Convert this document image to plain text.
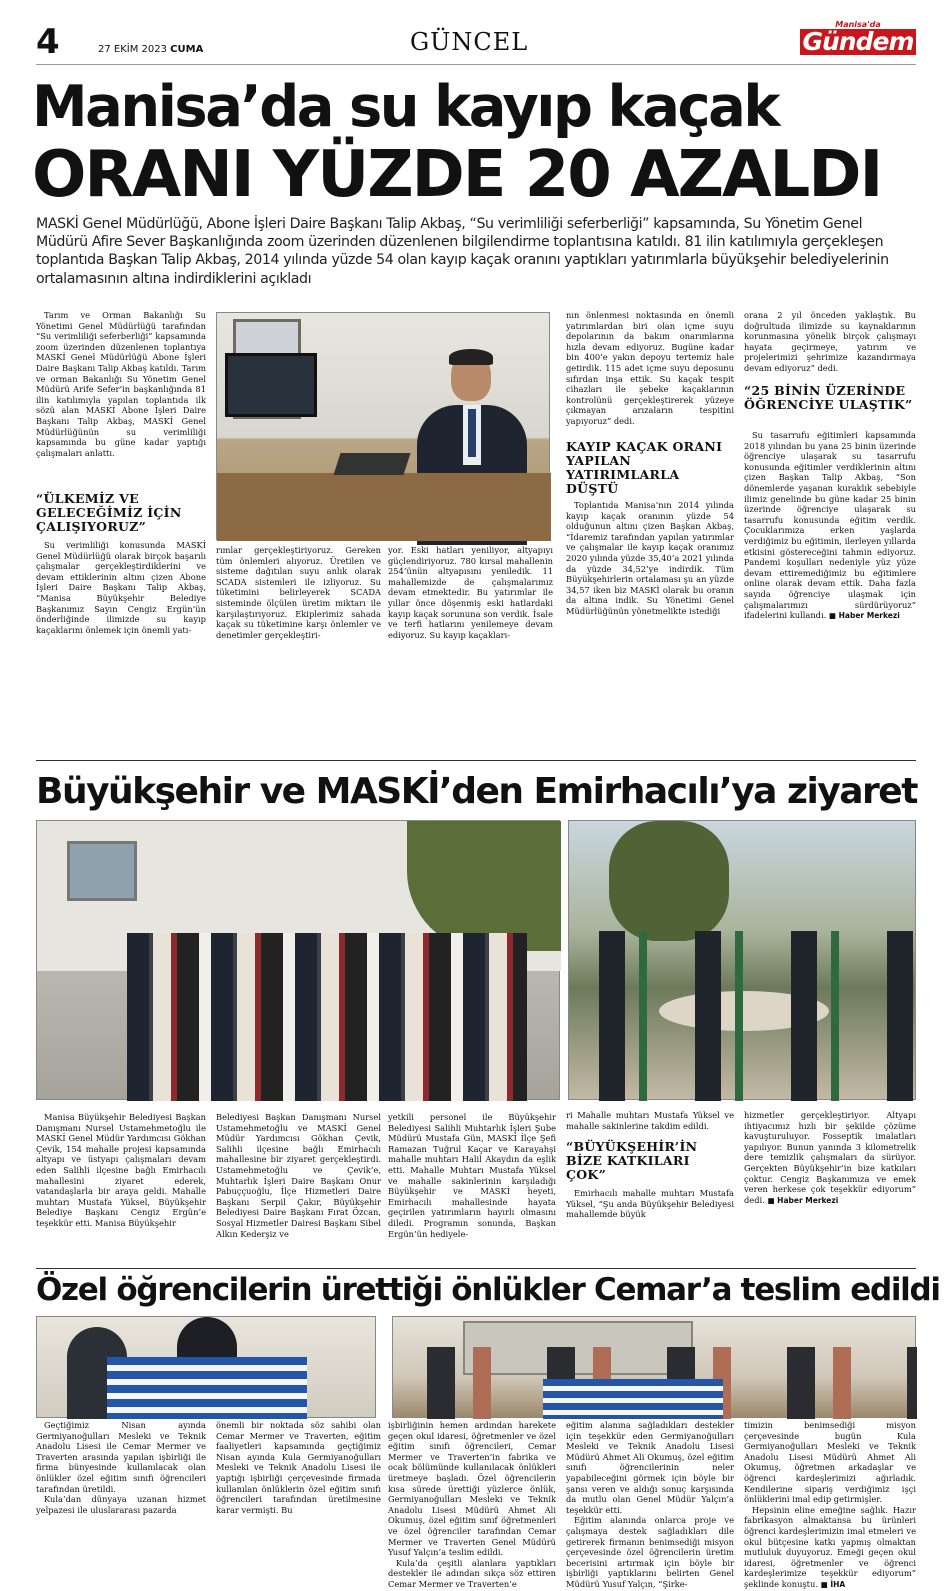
4	27 EKİM 2023 CUMA	GÜNCEL
Manisa'da
Gündem
Manisa’da su kayıp kaçak
ORANI YÜZDE 20 AZALDI
MASKİ Genel Müdürlüğü, Abone İşleri Daire Başkanı Talip Akbaş, “Su verimliliği seferberliği” kapsamında, Su Yönetim Genel Müdürü Afire Sever Başkanlığında zoom üzerinden düzenlenen bilgilendirme toplantısına katıldı. 81 ilin katılımıyla gerçekleşen toplantıda Başkan Talip Akbaş, 2014 yılında yüzde 54 olan kayıp kaçak oranını yaptıkları yatırımlarla büyükşehir belediyelerinin ortalamasının altına indirdiklerini açıkladı

Tarım ve Orman Bakanlığı Su Yönetimi Genel Müdürlüğü tarafından “Su verimliliği seferberliği” kapsamında zoom üzerinden düzenlenen toplantıya MASKİ Genel Müdürlüğü Abone İşleri Daire Başkanı Talip Akbaş katıldı. Tarım ve orman Bakanlığı Su Yönetim Genel Müdürü Arife Sefer’in başkanlığında 81 ilin katılımıyla yapılan toplantıda ilk sözü alan MASKİ Abone İşleri Daire Başkanı Talip Akbaş, MASKİ Genel Müdürlüğünün su verimliliği kapsamında bu güne kadar yaptığı çalışmaları anlattı.

“ÜLKEMİZ VE GELECEĞİMİZ İÇİN ÇALIŞIYORUZ”

Su verimliliği konusunda MASKİ Genel Müdürlüğü olarak birçok başarılı çalışmalar gerçekleştirdiklerini ve devam ettiklerinin altını çizen Abone İşleri Daire Başkanı Talip Akbaş, “Manisa Büyükşehir Belediye Başkanımız Sayın Cengiz Ergün’ün önderliğinde ilimizde su kayıp kaçaklarını önlemek için önemli yatı-

rımlar gerçekleştiriyoruz. Gereken tüm önlemleri alıyoruz. Üretilen ve sisteme dağıtılan suyu anlık olarak SCADA sistemleri ile izliyoruz. Su tüketimini belirleyerek SCADA sisteminde ölçülen üretim miktarı ile karşılaştırıyoruz. Ekiplerimiz sahada kaçak su tüketimine karşı önlemler ve denetimler gerçekleştiri-

yor. Eski hatları yeniliyor, altyapıyı güçlendiriyoruz. 780 kırsal mahallenin 254’ünün altyapısını yeniledik. 11 mahallemizde de çalışmalarımız devam etmektedir. Bu yatırımlar ile yıllar önce döşenmiş eski hatlardaki kayıp kaçak sorununa son verdik. İsale ve terfi hatlarını yenilemeye devam ediyoruz. Su kayıp kaçakları-

nın önlenmesi noktasında en önemli yatırımlardan biri olan içme suyu depolarının da bakım onarımlarına hızla devam ediyoruz. Bugüne kadar bin 400’e yakın depoyu tertemiz hale getirdik. 115 adet içme suyu deposunu sıfırdan inşa ettik. Su kaçak tespit cihazları ile şebeke kaçaklarının kontrolünü gerçekleştirerek yüzeye çıkmayan arızaların tespitini yapıyoruz” dedi.

KAYIP KAÇAK ORANI YAPILAN YATIRIMLARLA DÜŞTÜ

Toplantıda Manisa’nın 2014 yılında kayıp kaçak oranının yüzde 54 olduğunun altını çizen Başkan Akbaş, “İdaremiz tarafından yapılan yatırımlar ve çalışmalar ile kayıp kaçak oranımız 2020 yılında yüzde 35,40’a 2021 yılında da yüzde 34,52’ye indirdik. Tüm Büyükşehirlerin ortalaması şu an yüzde 34,57 iken biz MASKİ olarak bu oranın da altına indik. Su Yönetimi Genel Müdürlüğünün yönetmelikte istediği

orana 2 yıl önceden yaklaştık. Bu doğrultuda ilimizde su kaynaklarının korunmasına yönelik birçok çalışmayı hayata geçirmeye, yatırım ve projelerimizi şehrimize kazandırmaya devam ediyoruz” dedi.

“25 BİNİN ÜZERİNDE ÖĞRENCİYE ULAŞTIK”

Su tasarrufu eğitimleri kapsamında 2018 yılından bu yana 25 binin üzerinde öğrenciye ulaşarak su tasarrufu konusunda eğitimler verdiklerinin altını çizen Başkan Talip Akbaş, “Son dönemlerde yaşanan kuraklık sebebiyle ilimiz genelinde bu güne kadar 25 binin üzerinde öğrenciye ulaşarak su tasarrufu konusunda eğitim verdik. Çocuklarımıza erken yaşlarda verdiğimiz bu eğitimin, ilerleyen yıllarda etkisini göstereceğini tahmin ediyoruz. Pandemi koşulları nedeniyle yüz yüze devam ettiremediğimiz bu eğitimlere online olarak devam ettik. Daha fazla sayıda öğrenciye ulaşmak için çalışmalarımızı sürdürüyoruz” ifadelerini kullandı. ■ Haber Merkezi

Büyükşehir ve MASKİ’den Emirhacılı’ya ziyaret

Manisa Büyükşehir Belediyesi Başkan Danışmanı Nursel Ustamehmetoğlu ile MASKİ Genel Müdür Yardımcısı Gökhan Çevik, 154 mahalle projesi kapsamında altyapı ve üstyapı çalışmaları devam eden Salihli ilçesine bağlı Emirhacılı mahallesini ziyaret ederek, vatandaşlarla bir araya geldi. Mahalle muhtarı Mustafa Yüksel, Büyükşehir Belediye Başkanı Cengiz Ergün’e teşekkür etti. Manisa Büyükşehir

Belediyesi Başkan Danışmanı Nursel Ustamehmetoğlu ve MASKİ Genel Müdür Yardımcısı Gökhan Çevik, Salihli ilçesine bağlı Emirhacılı mahallesine bir ziyaret gerçekleştirdi. Ustamehmetoğlu ve Çevik’e, Muhtarlık İşleri Daire Başkanı Onur Pabuççuoğlu, İlçe Hizmetleri Daire Başkanı Serpil Çakır, Büyükşehir Belediyesi Daire Başkanı Fırat Özcan, Sosyal Hizmetler Dairesi Başkanı Sibel Alkın Kederşiz ve

yetkili personel ile Büyükşehir Belediyesi Salihli Muhtarlık İşleri Şube Müdürü Mustafa Gün, MASKİ İlçe Şefi Ramazan Tuğrul Kaçar ve Karayahşi mahalle muhtarı Halil Akaydın da eşlik etti. Mahalle Muhtarı Mustafa Yüksel ve mahalle sakinlerinin karşıladığı Büyükşehir ve MASKİ heyeti, Emirhacılı mahallesinde hayata geçirilen yatırımların hayırlı olmasını diledi. Programın sonunda, Başkan Ergün’ün hediyele-

ri Mahalle muhtarı Mustafa Yüksel ve mahalle sakinlerine takdim edildi.

“BÜYÜKŞEHİR’İN BİZE KATKILARI ÇOK”

Emirhacılı mahalle muhtarı Mustafa Yüksel, “Şu anda Büyükşehir Belediyesi mahallemde büyük

hizmetler gerçekleştiriyor. Altyapı ihtiyacımız hızlı bir şekilde çözüme kavuşturuluyor. Fosseptik imalatları yapılıyor. Bunun yanında 3 kilometrelik dere temizlik çalışmaları da sürüyor. Gerçekten Büyükşehir’in bize katkıları çoktur. Cengiz Başkanımıza ve emek veren herkese çok teşekkür ediyorum” dedi. ■ Haber Merkezi

Özel öğrencilerin ürettiği önlükler Cemar’a teslim edildi

Geçtiğimiz Nisan ayında Germiyanoğulları Mesleki ve Teknik Anadolu Lisesi ile Cemar Mermer ve Traverten arasında yapılan işbirliği ile firma bünyesinde kullanılacak olan önlükler özel eğitim sınıfı öğrencileri tarafından üretildi.

Kula’dan dünyaya uzanan hizmet yelpazesi ile uluslararası pazarda

önemli bir noktada söz sahibi olan Cemar Mermer ve Traverten, eğitim faaliyetleri kapsamında geçtiğimiz Nisan ayında Kula Germiyanoğulları Mesleki ve Teknik Anadolu Lisesi ile yaptığı işbirliği çerçevesinde firmada kullanılan önlüklerin özel eğitim sınıfı öğrencileri tarafından üretilmesine karar vermişti. Bu

işbirliğinin hemen ardından harekete geçen okul idaresi, öğretmenler ve özel eğitim sınıfı öğrencileri, Cemar Mermer ve Traverten’in fabrika ve ocak bölümünde kullanılacak önlükleri üretmeye başladı. Özel öğrencilerin kısa sürede ürettiği yüzlerce önlük, Germiyanoğulları Mesleki ve Teknik Anadolu Lisesi Müdürü Ahmet Ali Okumuş, özel eğitim sınıf öğretmenleri ve özel öğrenciler tarafından Cemar Mermer ve Traverten Genel Müdürü Yusuf Yalçın’a teslim edildi.

Kula’da çeşitli alanlara yaptıkları destekler ile adından sıkça söz ettiren Cemar Mermer ve Traverten’e

eğitim alanına sağladıkları destekler için teşekkür eden Germiyanoğulları Mesleki ve Teknik Anadolu Lisesi Müdürü Ahmet Ali Okumuş, özel eğitim sınıfı öğrencilerinin neler yapabileceğini görmek için böyle bir şansı veren ve aldığı sonuç karşısında da mutlu olan Genel Müdür Yalçın’a teşekkür etti.

Eğitim alanında onlarca proje ve çalışmaya destek sağladıkları dile getirerek firmanın benimsediği misyon çerçevesinde özel öğrencilerin üretim becerisini artırmak için böyle bir işbirliği yaptıklarını belirten Genel Müdürü Yusuf Yalçın, “Şirke-

timizin benimsediği misyon çerçevesinde bugün Kula Germiyanoğulları Mesleki ve Teknik Anadolu Lisesi Müdürü Ahmet Ali Okumuş, öğretmen arkadaşlar ve öğrenci kardeşlerimizi ağırladık. Kendilerine sipariş verdiğimiz işçi önlüklerini imal edip getirmişler.

Hepsinin eline emeğine sağlık. Hazır fabrikasyon almaktansa bu ürünleri öğrenci kardeşlerimizin imal etmeleri ve okul bütçesine katkı yapmış olmaktan mutluluk duyuyoruz. Emeği geçen okul idaresi, öğretmenler ve öğrenci kardeşlerimize teşekkür ediyorum” şeklinde konuştu. ■ İHA
